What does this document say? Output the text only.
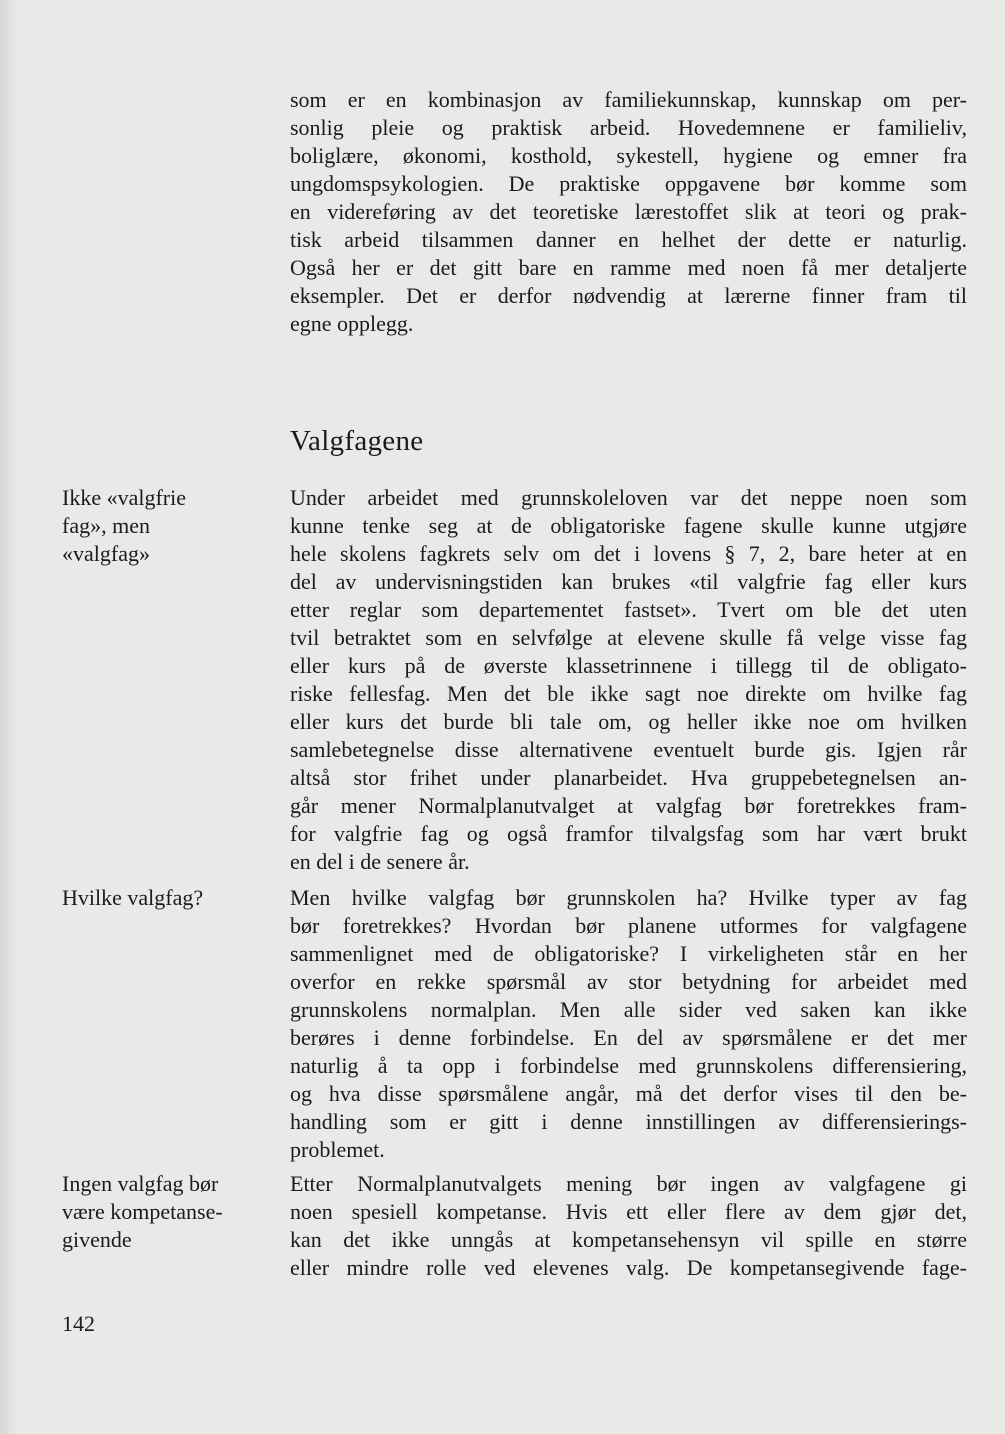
som er en kombinasjon av familiekunnskap, kunnskap om per-
sonlig pleie og praktisk arbeid. Hovedemnene er familieliv,
boliglære, økonomi, kosthold, sykestell, hygiene og emner fra
ungdomspsykologien. De praktiske oppgavene bør komme som
en videreføring av det teoretiske lærestoffet slik at teori og prak-
tisk arbeid tilsammen danner en helhet der dette er naturlig.
Også her er det gitt bare en ramme med noen få mer detaljerte
eksempler. Det er derfor nødvendig at lærerne finner fram til
egne opplegg.
Valgfagene
Under arbeidet med grunnskoleloven var det neppe noen som
kunne tenke seg at de obligatoriske fagene skulle kunne utgjøre
hele skolens fagkrets selv om det i lovens § 7, 2, bare heter at en
del av undervisningstiden kan brukes «til valgfrie fag eller kurs
etter reglar som departementet fastset». Tvert om ble det uten
tvil betraktet som en selvfølge at elevene skulle få velge visse fag
eller kurs på de øverste klassetrinnene i tillegg til de obligato-
riske fellesfag. Men det ble ikke sagt noe direkte om hvilke fag
eller kurs det burde bli tale om, og heller ikke noe om hvilken
samlebetegnelse disse alternativene eventuelt burde gis. Igjen rår
altså stor frihet under planarbeidet. Hva gruppebetegnelsen an-
går mener Normalplanutvalget at valgfag bør foretrekkes fram-
for valgfrie fag og også framfor tilvalgsfag som har vært brukt
en del i de senere år.
Men hvilke valgfag bør grunnskolen ha? Hvilke typer av fag
bør foretrekkes? Hvordan bør planene utformes for valgfagene
sammenlignet med de obligatoriske? I virkeligheten står en her
overfor en rekke spørsmål av stor betydning for arbeidet med
grunnskolens normalplan. Men alle sider ved saken kan ikke
berøres i denne forbindelse. En del av spørsmålene er det mer
naturlig å ta opp i forbindelse med grunnskolens differensiering,
og hva disse spørsmålene angår, må det derfor vises til den be-
handling som er gitt i denne innstillingen av differensierings-
problemet.
Etter Normalplanutvalgets mening bør ingen av valgfagene gi
noen spesiell kompetanse. Hvis ett eller flere av dem gjør det,
kan det ikke unngås at kompetansehensyn vil spille en større
eller mindre rolle ved elevenes valg. De kompetansegivende fage-
Ikke «valgfrie
fag», men
«valgfag»
Hvilke valgfag?
Ingen valgfag bør
være kompetanse-
givende
142
